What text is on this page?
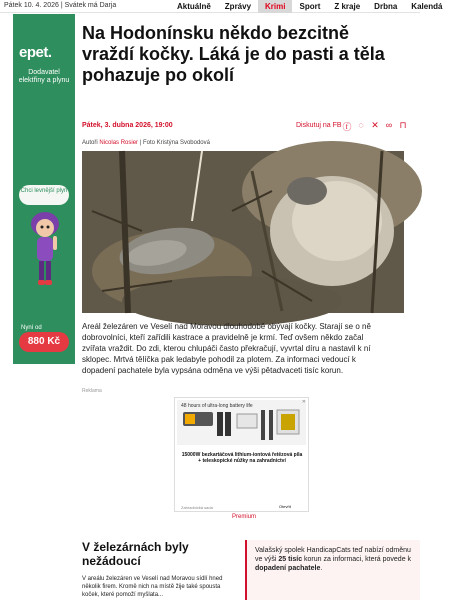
Pátek 10. 4. 2026 | Svátek má Darja	Aktuálně	Zprávy	Krimi	Sport	Z kraje	Drbna	Kalendá
epet.
Dodavatel elektřiny a plynu
Chci levnější plyn
Nyní od
880 Kč
Na Hodonínsku někdo bezcitně vraždí kočky. Láká je do pasti a těla pohazuje po okolí
Pátek, 3. dubna 2026, 19:00	Diskutuj na FB ⓕ ◌ ✕ ∞ ⊓
Autoři Nicolas Rosier | Foto Kristýna Svobodová

Areál železáren ve Veselí nad Moravou dlouhodobě obývají kočky. Starají se o ně dobrovolníci, kteří zařídili kastrace a pravidelně je krmí. Teď ovšem někdo začal zvířata vraždit. Do zdi, kterou chlupáči často překračují, vyvrtal díru a nastavil k ní sklopec. Mrtvá tělíčka pak ledabyle pohodil za plotem. Za informaci vedoucí k dopadení pachatele byla vypsána odměna ve výši pětadvaceti tisíc korun.

Reklama
48 hours of ultra-long battery life
✕
15000W bezkartáčová lithium-iontová řetězová pila + teleskopické nůžky na zahradnictví
Zahradnická sada	Otevřít
Premium
V železárnách byly nežádoucí

V areálu železáren ve Veselí nad Moravou sídlí hned několik firem. Kromě nich na místě žije také spousta koček, které pomoží myšlata...

Valašský spolek HandicapCats teď nabízí odměnu ve výši 25 tisíc korun za informaci, která povede k dopadení pachatele.
